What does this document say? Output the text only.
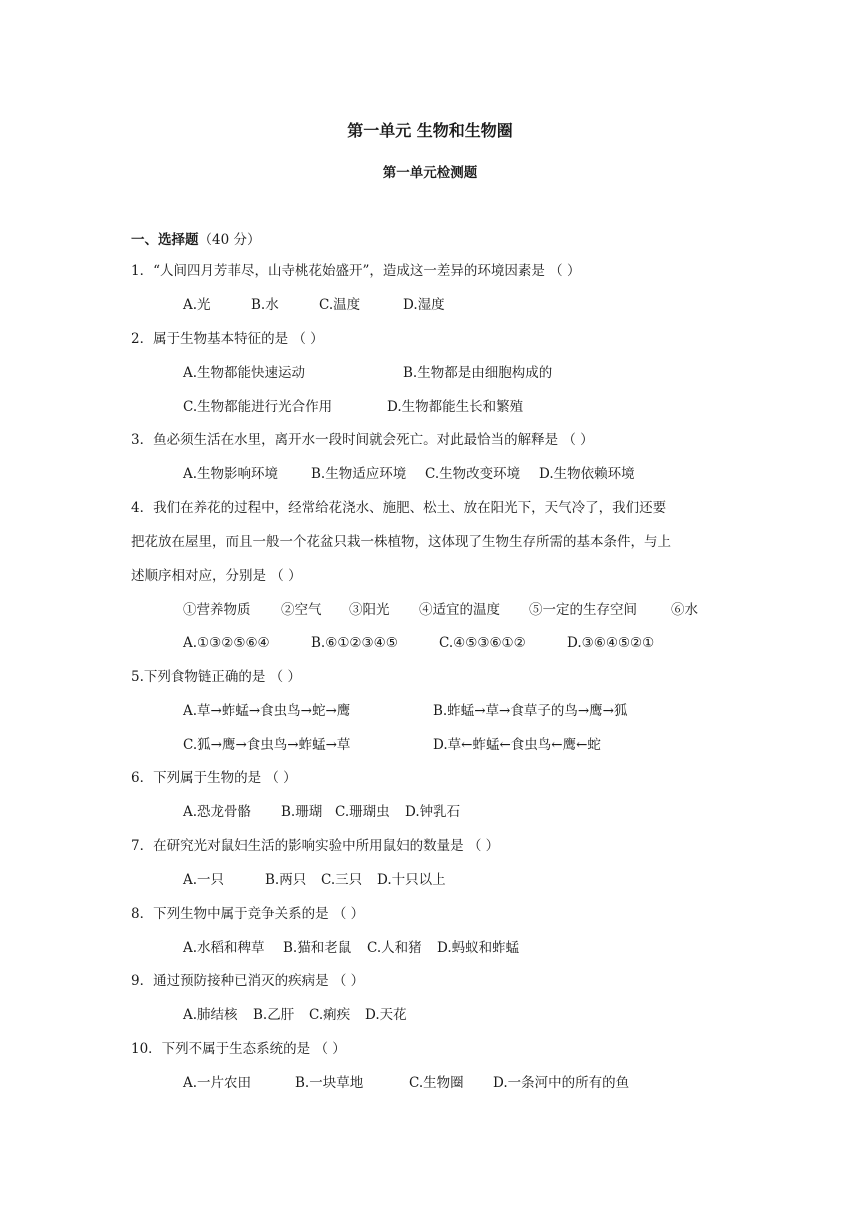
第一单元 生物和生物圈
第一单元检测题
一、选择题（40 分）
1．“人间四月芳菲尽，山寺桃花始盛开”，造成这一差异的环境因素是 （ ）
A.光	B.水	C.温度	D.湿度
2．属于生物基本特征的是 （ ）
A.生物都能快速运动	B.生物都是由细胞构成的
C.生物都能进行光合作用	D.生物都能生长和繁殖
3．鱼必须生活在水里，离开水一段时间就会死亡。对此最恰当的解释是 （ ）
A.生物影响环境 B.生物适应环境 C.生物改变环境 D.生物依赖环境
4．我们在养花的过程中，经常给花浇水、施肥、松土、放在阳光下，天气冷了，我们还要
把花放在屋里，而且一般一个花盆只栽一株植物，这体现了生物生存所需的基本条件，与上
述顺序相对应，分别是 （ ）
①营养物质 ②空气 ③阳光 ④适宜的温度 ⑤一定的生存空间	⑥水
A.①③②⑤⑥④	B.⑥①②③④⑤	C.④⑤③⑥①②	D.③⑥④⑤②①
5.下列食物链正确的是 （ ）
A.草→蚱蜢→食虫鸟→蛇→鹰	B.蚱蜢→草→食草子的鸟→鹰→狐
C.狐→鹰→食虫鸟→蚱蜢→草	D.草←蚱蜢←食虫鸟←鹰←蛇
6．下列属于生物的是 （ ）
A.恐龙骨骼 B.珊瑚 C.珊瑚虫 D.钟乳石
7．在研究光对鼠妇生活的影响实验中所用鼠妇的数量是 （ ）
A.一只	B.两只 C.三只 D.十只以上
8．下列生物中属于竞争关系的是 （ ）
A.水稻和稗草 B.猫和老鼠 C.人和猪 D.蚂蚁和蚱蜢
9．通过预防接种已消灭的疾病是 （ ）
A.肺结核 B.乙肝 C.痢疾 D.天花
10．下列不属于生态系统的是 （ ）
A.一片农田	B.一块草地	C.生物圈 D.一条河中的所有的鱼
